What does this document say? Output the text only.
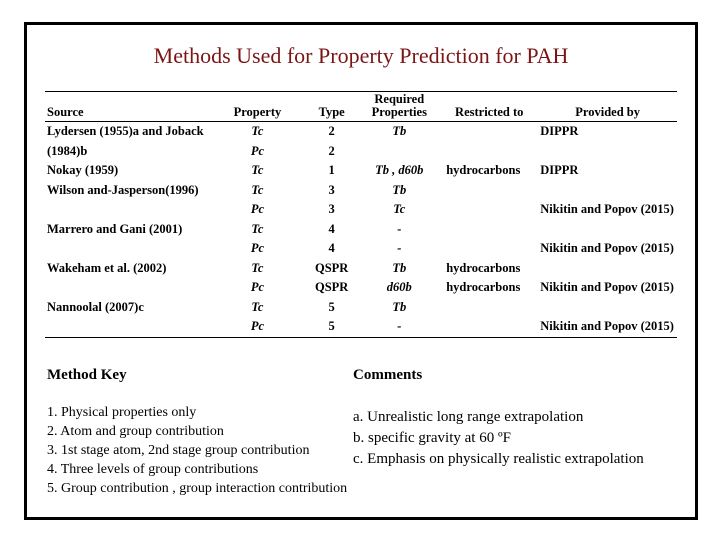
Methods Used for Property Prediction for PAH
Source	Property	Type	Required Properties	Restricted to	Provided by
Lydersen (1955)a and Joback	Tc	2	Tb		DIPPR
(1984)b	Pc	2			
Nokay (1959)	Tc	1	Tb , d60b	hydrocarbons	DIPPR
Wilson and-Jasperson(1996)	Tc	3	Tb		
	Pc	3	Tc		Nikitin and Popov (2015)
Marrero and Gani (2001)	Tc	4	-		
	Pc	4	-		Nikitin and Popov (2015)
Wakeham et al. (2002)	Tc	QSPR	Tb	hydrocarbons	
	Pc	QSPR	d60b	hydrocarbons	Nikitin and Popov (2015)
Nannoolal (2007)c	Tc	5	Tb		
	Pc	5	-		Nikitin and Popov (2015)
Method Key
1. Physical properties only
2. Atom and group contribution
3. 1st stage atom, 2nd stage group contribution
4. Three levels of group contributions
5. Group contribution , group interaction contribution
Comments
a. Unrealistic long range extrapolation
b. specific gravity at 60 ºF
c. Emphasis on physically realistic extrapolation
